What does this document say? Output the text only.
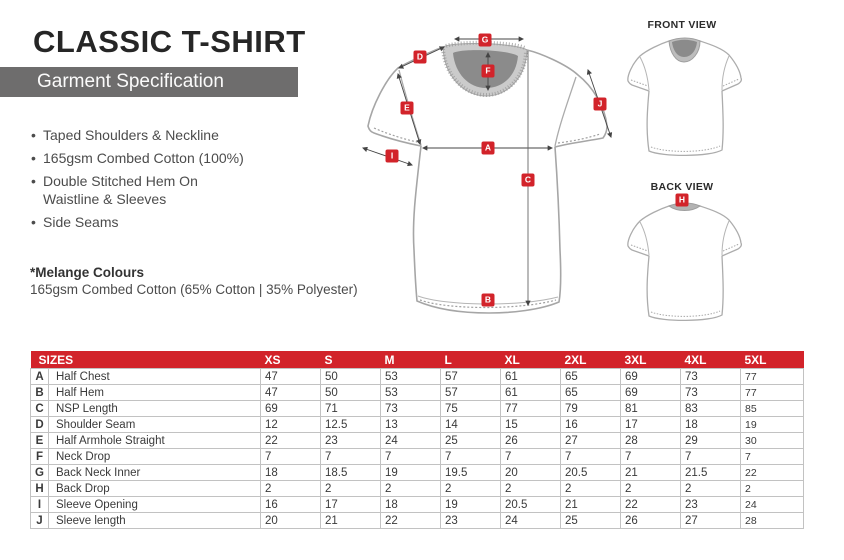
CLASSIC T-SHIRT
Garment Specification
• Taped Shoulders & Neckline
• 165gsm Combed Cotton (100%)
• Double Stitched Hem On Waistline & Sleeves
• Side Seams
*Melange Colours
165gsm Combed Cotton (65% Cotton | 35% Polyester)
FRONT VIEW
BACK VIEW
SIZES		XS	S	M	L	XL	2XL	3XL	4XL	5XL
A	Half Chest	47	50	53	57	61	65	69	73	77
B	Half Hem	47	50	53	57	61	65	69	73	77
C	NSP Length	69	71	73	75	77	79	81	83	85
D	Shoulder Seam	12	12.5	13	14	15	16	17	18	19
E	Half Armhole Straight	22	23	24	25	26	27	28	29	30
F	Neck Drop	7	7	7	7	7	7	7	7	7
G	Back Neck Inner	18	18.5	19	19.5	20	20.5	21	21.5	22
H	Back Drop	2	2	2	2	2	2	2	2	2
I	Sleeve Opening	16	17	18	19	20.5	21	22	23	24
J	Sleeve length	20	21	22	23	24	25	26	27	28
A
B
C
D
E
F
G
H
I
J
